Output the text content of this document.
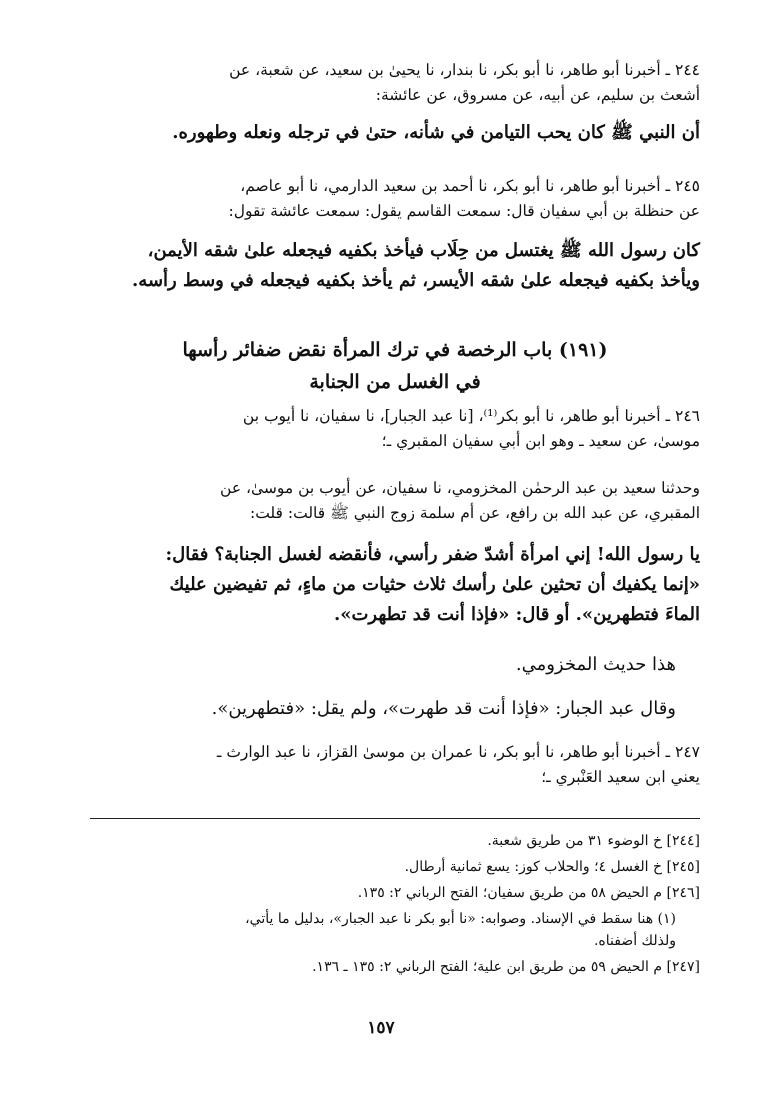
٢٤٤ ـ أخبرنا أبو طاهر، نا أبو بكر، نا بندار، نا يحيىٰ بن سعيد، عن شعبة، عن

أشعث بن سليم، عن أبيه، عن مسروق، عن عائشة:

أن النبي ﷺ كان يحب التيامن في شأنه، حتىٰ في ترجله ونعله وطهوره.

٢٤٥ ـ أخبرنا أبو طاهر، نا أبو بكر، نا أحمد بن سعيد الدارمي، نا أبو عاصم،

عن حنظلة بن أبي سفيان قال: سمعت القاسم يقول: سمعت عائشة تقول:

كان رسول الله ﷺ يغتسل من حِلَاب فيأخذ بكفيه فيجعله علىٰ شقه الأيمن،

ويأخذ بكفيه فيجعله علىٰ شقه الأيسر، ثم يأخذ بكفيه فيجعله في وسط رأسه.

(١٩١) باب الرخصة في ترك المرأة نقض ضفائر رأسها

في الغسل من الجنابة

٢٤٦ ـ أخبرنا أبو طاهر، نا أبو بكر⁽¹⁾، [نا عبد الجبار]، نا سفيان، نا أيوب بن

موسىٰ، عن سعيد ـ وهو ابن أبي سفيان المقبري ـ؛

وحدثنا سعيد بن عبد الرحمٰن المخزومي، نا سفيان، عن أيوب بن موسىٰ، عن

المقبري، عن عبد الله بن رافع، عن أم سلمة زوج النبي ﷺ قالت: قلت:

يا رسول الله! إني امرأة أشدّ ضفر رأسي، فأنقضه لغسل الجنابة؟ فقال:

«إنما يكفيك أن تحثين علىٰ رأسك ثلاث حثيات من ماءٍ، ثم تفيضين عليك

الماءَ فتطهرين». أو قال: «فإذا أنت قد تطهرت».

هذا حديث المخزومي.

وقال عبد الجبار: «فإذا أنت قد طهرت»، ولم يقل: «فتطهرين».

٢٤٧ ـ أخبرنا أبو طاهر، نا أبو بكر، نا عمران بن موسىٰ القزاز، نا عبد الوارث ـ

يعني ابن سعيد العَنْبري ـ؛

[٢٤٤] خ الوضوء ٣١ من طريق شعبة.

[٢٤٥] خ الغسل ٤؛ والحلاب كوز: يسع ثمانية أرطال.

[٢٤٦] م الحيض ٥٨ من طريق سفيان؛ الفتح الرباني ٢: ١٣٥.

(١) هنا سقط في الإسناد. وصوابه: «نا أبو بكر نا عبد الجبار»، بدليل ما يأتي،

ولذلك أضفناه.

[٢٤٧] م الحيض ٥٩ من طريق ابن علية؛ الفتح الرباني ٢: ١٣٥ ـ ١٣٦.

١٥٧
